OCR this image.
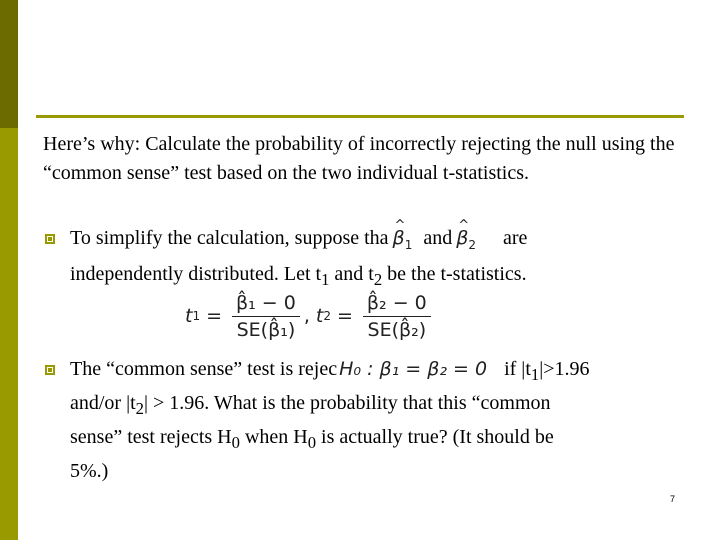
Here’s why: Calculate the probability of incorrectly rejecting the null using the “common sense” test based on the two individual t-statistics.
To simplify the calculation, suppose tha ^ $\beta_1$ and ^ $\beta_2$ are
independently distributed. Let $t_1$ and $t_2$ be the t-statistics.
t $1 = \frac{\text{β̂₁ − 0}}{\text{SE(β̂₁)}}$ , t $2 = \frac{\text{β̂₂ − 0}}{\text{SE(β̂₂)}}$
The “common sense” test is rejec H₀ : β₁ = β₂ = 0 if $|t_1|>1.96$
and/or $|t_2| > 1.96$. What is the probability that this “common
sense” test rejects $H_0$ when $H_0$ is actually true? (It should be
5%.)
7
